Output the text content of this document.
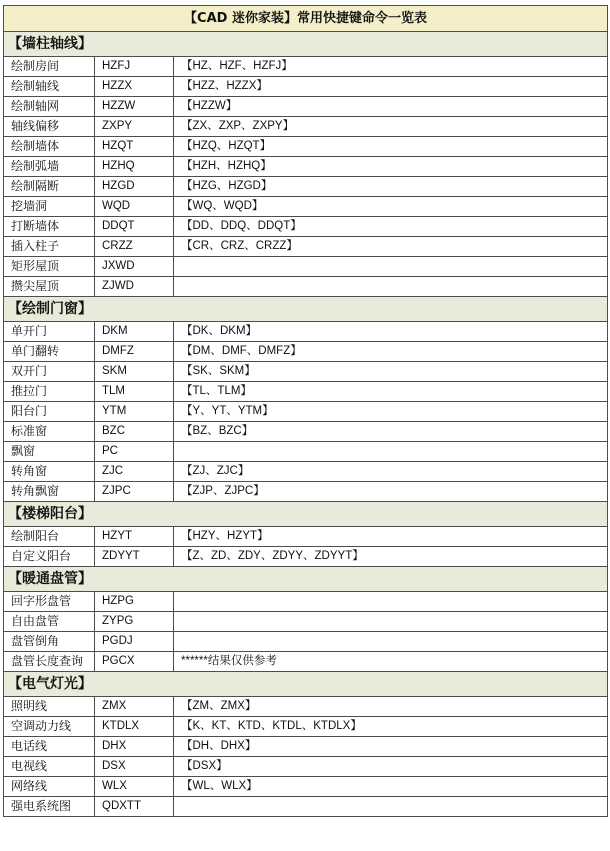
【CAD 迷你家装】常用快捷键命令一览表		
【墙柱轴线】		
绘制房间	HZFJ	【HZ、HZF、HZFJ】
绘制轴线	HZZX	【HZZ、HZZX】
绘制轴网	HZZW	【HZZW】
轴线偏移	ZXPY	【ZX、ZXP、ZXPY】
绘制墙体	HZQT	【HZQ、HZQT】
绘制弧墙	HZHQ	【HZH、HZHQ】
绘制隔断	HZGD	【HZG、HZGD】
挖墙洞	WQD	【WQ、WQD】
打断墙体	DDQT	【DD、DDQ、DDQT】
插入柱子	CRZZ	【CR、CRZ、CRZZ】
矩形屋顶	JXWD	
攒尖屋顶	ZJWD	
【绘制门窗】		
单开门	DKM	【DK、DKM】
单门翻转	DMFZ	【DM、DMF、DMFZ】
双开门	SKM	【SK、SKM】
推拉门	TLM	【TL、TLM】
阳台门	YTM	【Y、YT、YTM】
标准窗	BZC	【BZ、BZC】
飘窗	PC	
转角窗	ZJC	【ZJ、ZJC】
转角飘窗	ZJPC	【ZJP、ZJPC】
【楼梯阳台】		
绘制阳台	HZYT	【HZY、HZYT】
自定义阳台	ZDYYT	【Z、ZD、ZDY、ZDYY、ZDYYT】
【暖通盘管】		
回字形盘管	HZPG	
自由盘管	ZYPG	
盘管倒角	PGDJ	
盘管长度查询	PGCX	******结果仅供参考
【电气灯光】		
照明线	ZMX	【ZM、ZMX】
空调动力线	KTDLX	【K、KT、KTD、KTDL、KTDLX】
电话线	DHX	【DH、DHX】
电视线	DSX	【DSX】
网络线	WLX	【WL、WLX】
强电系统图	QDXTT	
